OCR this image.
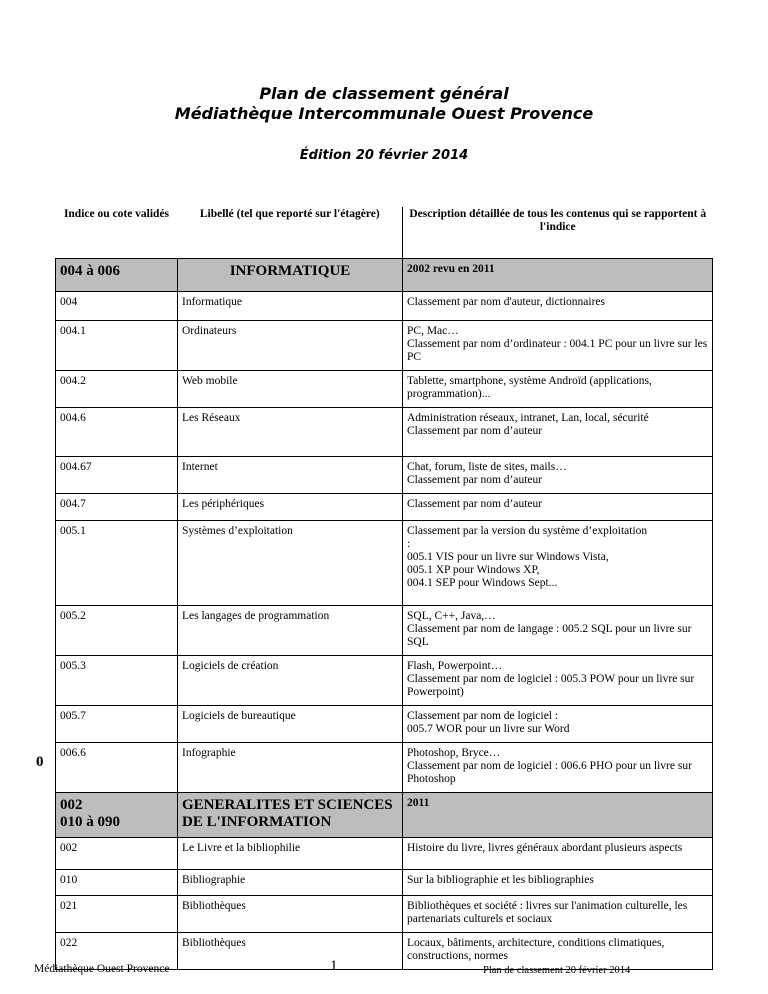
Plan de classement général
Médiathèque Intercommunale Ouest Provence
Édition 20 février 2014
0
Indice ou cote validés	Libellé (tel que reporté sur l'étagère)	Description détaillée de tous les contenus qui se rapportent à l'indice

004 à 006	INFORMATIQUE	2002 revu en 2011

004	Informatique	Classement par nom d'auteur, dictionnaires
004.1	Ordinateurs	PC, Mac…
Classement par nom d’ordinateur : 004.1 PC pour un livre sur les PC
004.2	Web mobile	Tablette, smartphone, système Androïd (applications, programmation)...
004.6	Les Réseaux	Administration réseaux, intranet, Lan, local, sécurité
Classement par nom d’auteur
004.67	Internet	Chat, forum, liste de sites, mails…
Classement par nom d’auteur
004.7	Les périphériques	Classement par nom d’auteur
005.1	Systèmes d’exploitation	Classement par la version du système d’exploitation
:
005.1 VIS pour un livre sur Windows Vista,
005.1 XP pour Windows XP,
004.1 SEP pour Windows Sept...
005.2	Les langages de programmation	SQL, C++, Java,…
Classement par nom de langage : 005.2 SQL pour un livre sur SQL
005.3	Logiciels de création	Flash, Powerpoint…
Classement par nom de logiciel : 005.3 POW pour un livre sur Powerpoint)
005.7	Logiciels de bureautique	Classement par nom de logiciel :
005.7 WOR pour un livre sur Word
006.6	Infographie	Photoshop, Bryce…
Classement par nom de logiciel : 006.6 PHO pour un livre sur Photoshop

002
010 à 090	GENERALITES ET SCIENCES DE L'INFORMATION	2011

002	Le Livre et la bibliophilie	Histoire du livre, livres généraux abordant plusieurs aspects
010	Bibliographie	Sur la bibliographie et les bibliographies
021	Bibliothèques	Bibliothèques et société : livres sur l'animation culturelle, les partenariats culturels et sociaux
022	Bibliothèques	Locaux, bâtiments, architecture, conditions climatiques, constructions, normes
Médiathèque Ouest Provence	1	Plan de classement 20 février 2014
